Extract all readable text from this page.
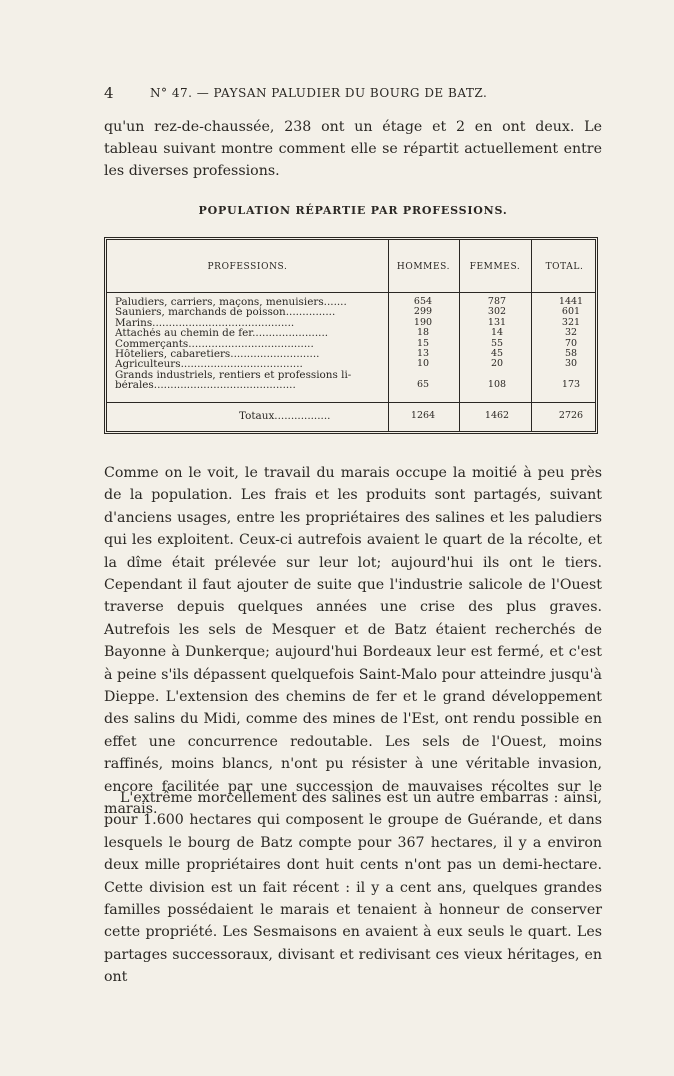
4	N° 47. — PAYSAN PALUDIER DU BOURG DE BATZ.
qu'un rez-de-chaussée, 238 ont un étage et 2 en ont deux. Le tableau suivant montre comment elle se répartit actuellement entre les diverses professions.
POPULATION RÉPARTIE PAR PROFESSIONS.
PROFESSIONS.	HOMMES.	FEMMES.	TOTAL.
Paludiers, carriers, maçons, menuisiers.......	654	787	1441
Sauniers, marchands de poisson...............	299	302	601
Marins...........................................	190	131	321
Attachés au chemin de fer.......................	18	14	32
Commerçants......................................	15	55	70
Hôteliers, cabaretiers...........................	13	45	58
Agriculteurs.....................................	10	20	30
Grands industriels, rentiers et professions li-
bérales...........................................	65	108	173
Totaux.................	1264	1462	2726
Comme on le voit, le travail du marais occupe la moitié à peu près de la population. Les frais et les produits sont partagés, suivant d'anciens usages, entre les propriétaires des salines et les paludiers qui les exploitent. Ceux-ci autrefois avaient le quart de la récolte, et la dîme était prélevée sur leur lot; aujourd'hui ils ont le tiers. Cependant il faut ajouter de suite que l'industrie salicole de l'Ouest traverse depuis quelques années une crise des plus graves. Autrefois les sels de Mesquer et de Batz étaient recherchés de Bayonne à Dunkerque; aujourd'hui Bordeaux leur est fermé, et c'est à peine s'ils dépassent quelquefois Saint-Malo pour atteindre jusqu'à Dieppe. L'extension des chemins de fer et le grand développement des salins du Midi, comme des mines de l'Est, ont rendu possible en effet une concurrence redoutable. Les sels de l'Ouest, moins raffinés, moins blancs, n'ont pu résister à une véritable invasion, encore facilitée par une succession de mauvaises récoltes sur le marais.
L'extrême morcellement des salines est un autre embarras : ainsi, pour 1.600 hectares qui composent le groupe de Guérande, et dans lesquels le bourg de Batz compte pour 367 hectares, il y a environ deux mille propriétaires dont huit cents n'ont pas un demi-hectare. Cette division est un fait récent : il y a cent ans, quelques grandes familles possédaient le marais et tenaient à honneur de conserver cette propriété. Les Sesmaisons en avaient à eux seuls le quart. Les partages successoraux, divisant et redivisant ces vieux héritages, en ont
